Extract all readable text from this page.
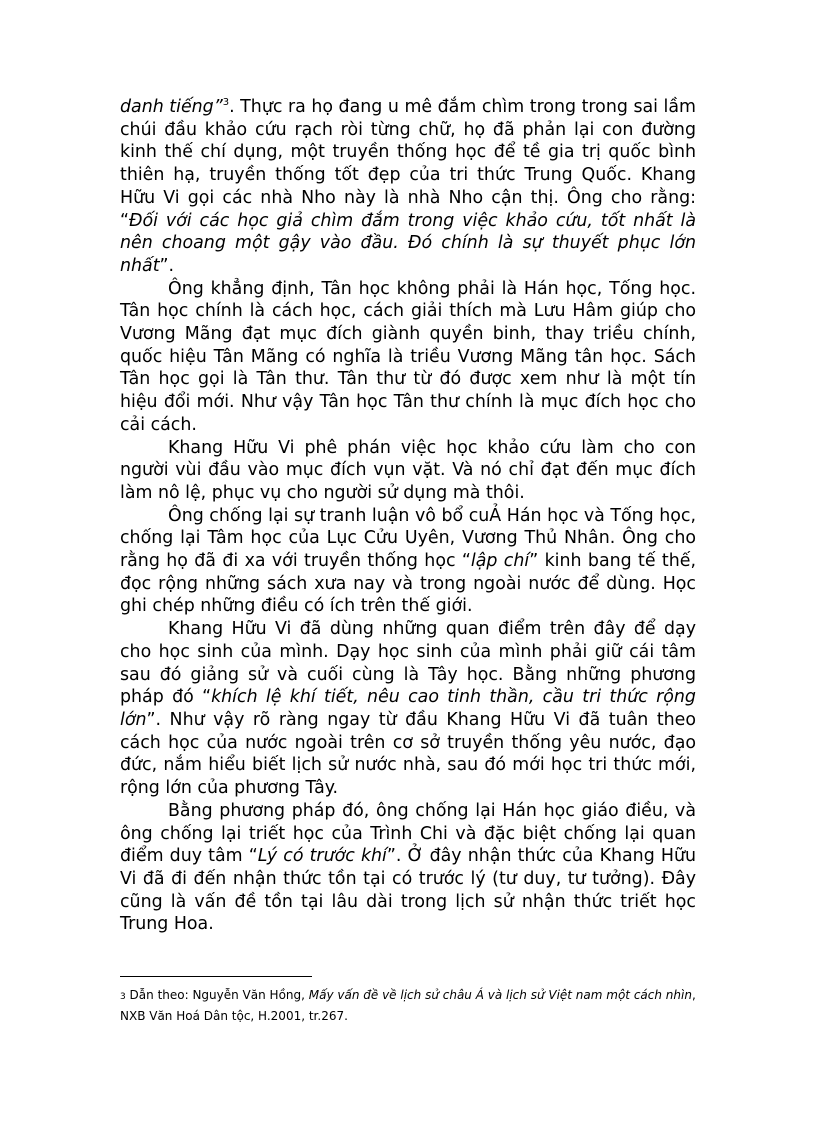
danh tiếng”$^3$. Thực ra họ đang u mê đắm chìm trong trong sai lầm chúi đầu khảo cứu rạch ròi từng chữ, họ đã phản lại con đường kinh thế chí dụng, một truyền thống học để tề gia trị quốc bình thiên hạ, truyền thống tốt đẹp của tri thức Trung Quốc. Khang Hữu Vi gọi các nhà Nho này là nhà Nho cận thị. Ông cho rằng: “Đối với các học giả chìm đắm trong việc khảo cứu, tốt nhất là nên choang một gậy vào đầu. Đó chính là sự thuyết phục lớn nhất”.

Ông khẳng định, Tân học không phải là Hán học, Tống học. Tân học chính là cách học, cách giải thích mà Lưu Hâm giúp cho Vương Mãng đạt mục đích giành quyền binh, thay triều chính, quốc hiệu Tân Mãng có nghĩa là triều Vương Mãng tân học. Sách Tân học gọi là Tân thư. Tân thư từ đó được xem như là một tín hiệu đổi mới. Như vậy Tân học Tân thư chính là mục đích học cho cải cách.

Khang Hữu Vi phê phán việc học khảo cứu làm cho con người vùi đầu vào mục đích vụn vặt. Và nó chỉ đạt đến mục đích làm nô lệ, phục vụ cho người sử dụng mà thôi.

Ông chống lại sự tranh luận vô bổ cuẢ Hán học và Tống học, chống lại Tâm học của Lục Cửu Uyên, Vương Thủ Nhân. Ông cho rằng họ đã đi xa với truyền thống học “lập chí” kinh bang tế thế, đọc rộng những sách xưa nay và trong ngoài nước để dùng. Học ghi chép những điều có ích trên thế giới.

Khang Hữu Vi đã dùng những quan điểm trên đây để dạy cho học sinh của mình. Dạy học sinh của mình phải giữ cái tâm sau đó giảng sử và cuối cùng là Tây học. Bằng những phương pháp đó “khích lệ khí tiết, nêu cao tinh thần, cầu tri thức rộng lớn”. Như vậy rõ ràng ngay từ đầu Khang Hữu Vi đã tuân theo cách học của nước ngoài trên cơ sở truyền thống yêu nước, đạo đức, nắm hiểu biết lịch sử nước nhà, sau đó mới học tri thức mới, rộng lớn của phương Tây.

Bằng phương pháp đó, ông chống lại Hán học giáo điều, và ông chống lại triết học của Trình Chi và đặc biệt chống lại quan điểm duy tâm “Lý có trước khí”. Ở đây nhận thức của Khang Hữu Vi đã đi đến nhận thức tồn tại có trước lý (tư duy, tư tưởng). Đây cũng là vấn đề tồn tại lâu dài trong lịch sử nhận thức triết học Trung Hoa.

3 Dẫn theo: Nguyễn Văn Hồng, Mấy vấn đề về lịch sử châu Á và lịch sử Việt nam một cách nhìn, NXB Văn Hoá Dân tộc, H.2001, tr.267.
